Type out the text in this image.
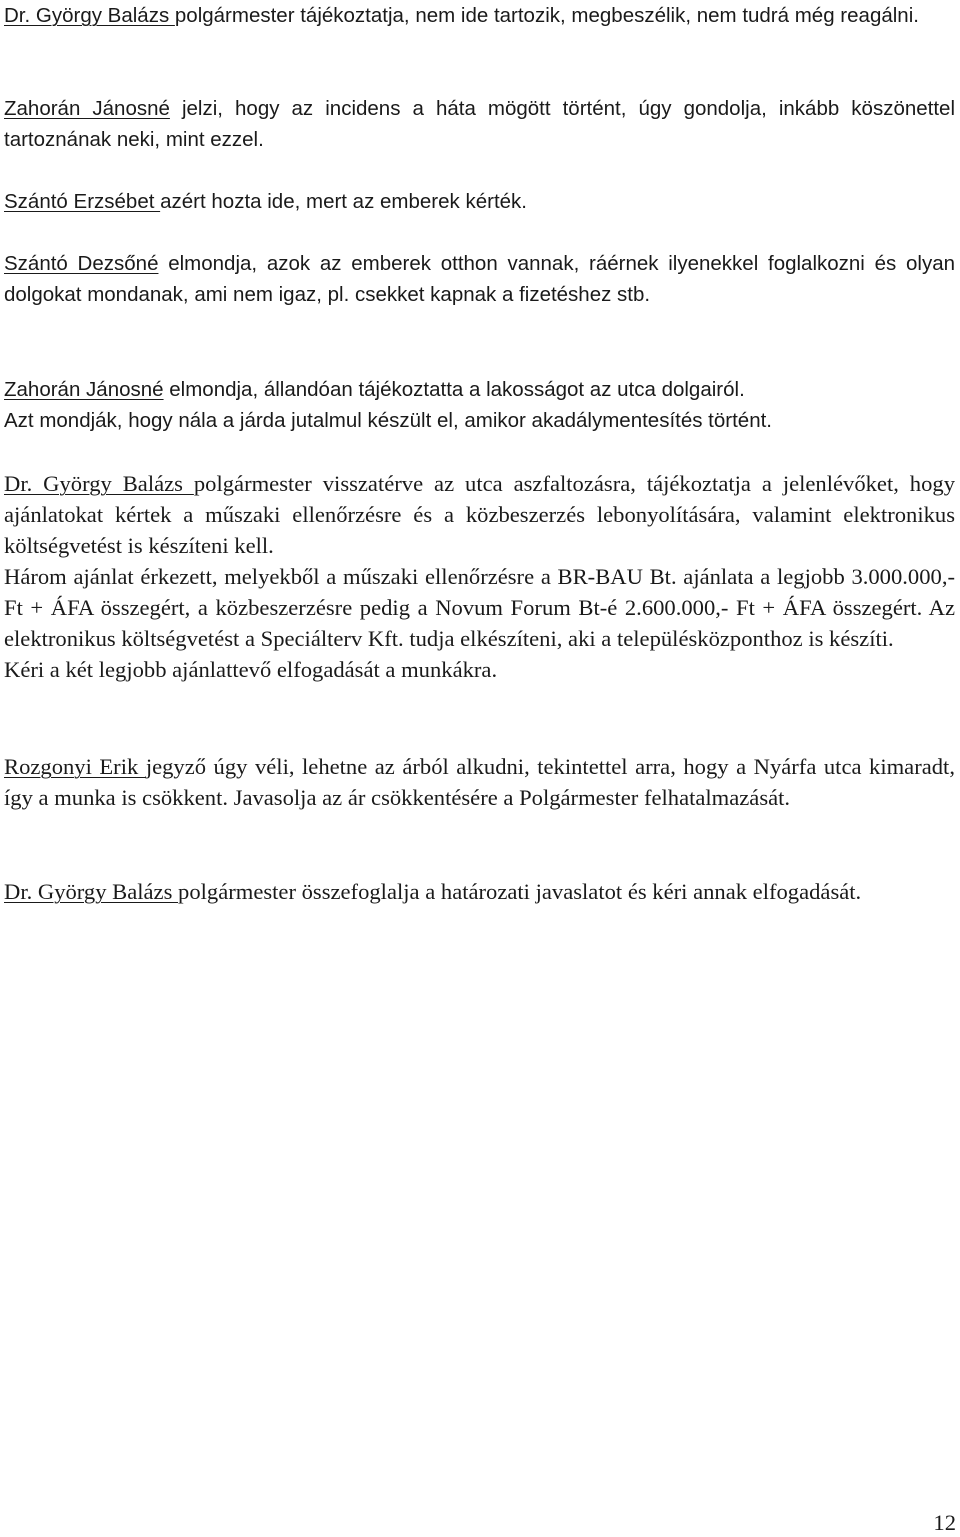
Dr. György Balázs polgármester tájékoztatja, nem ide tartozik, megbeszélik, nem tudrá még reagálni.

Zahorán Jánosné jelzi, hogy az incidens a háta mögött történt, úgy gondolja, inkább köszönettel tartoznának neki, mint ezzel.

Szántó Erzsébet azért hozta ide, mert az emberek kérték.

Szántó Dezsőné elmondja, azok az emberek otthon vannak, ráérnek ilyenekkel foglalkozni és olyan dolgokat mondanak, ami nem igaz, pl. csekket kapnak a fizetéshez stb.

Zahorán Jánosné elmondja, állandóan tájékoztatta a lakosságot az utca dolgairól.
Azt mondják, hogy nála a járda jutalmul készült el, amikor akadálymentesítés történt.

Dr. György Balázs polgármester visszatérve az utca aszfaltozásra, tájékoztatja a jelenlévőket, hogy ajánlatokat kértek a műszaki ellenőrzésre és a közbeszerzés lebonyolítására, valamint elektronikus költségvetést is készíteni kell.
Három ajánlat érkezett, melyekből a műszaki ellenőrzésre a BR-BAU Bt. ajánlata a legjobb 3.000.000,- Ft + ÁFA összegért, a közbeszerzésre pedig a Novum Forum Bt-é 2.600.000,- Ft + ÁFA összegért. Az elektronikus költségvetést a Speciálterv Kft. tudja elkészíteni, aki a településközponthoz is készíti.
Kéri a két legjobb ajánlattevő elfogadását a munkákra.

Rozgonyi Erik jegyző úgy véli, lehetne az árból alkudni, tekintettel arra, hogy a Nyárfa utca kimaradt, így a munka is csökkent. Javasolja az ár csökkentésére a Polgármester felhatalmazását.

Dr. György Balázs polgármester összefoglalja a határozati javaslatot és kéri annak elfogadását.

12
